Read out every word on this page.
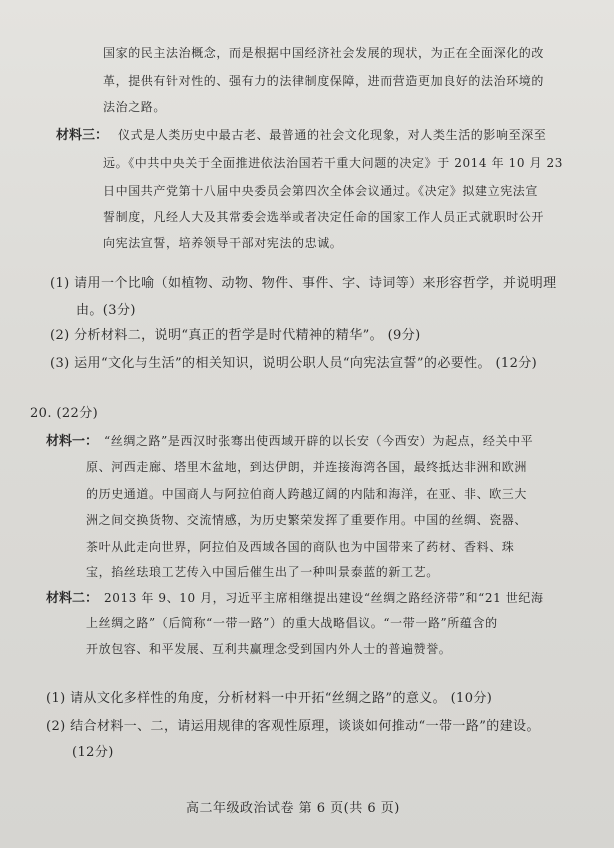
国家的民主法治概念，而是根据中国经济社会发展的现状，为正在全面深化的改
革，提供有针对性的、强有力的法律制度保障，进而营造更加良好的法治环境的
法治之路。
材料三： 仪式是人类历史中最古老、最普通的社会文化现象，对人类生活的影响至深至
远。《中共中央关于全面推进依法治国若干重大问题的决定》于 2014 年 10 月 23
日中国共产党第十八届中央委员会第四次全体会议通过。《决定》拟建立宪法宣
誓制度，凡经人大及其常委会选举或者决定任命的国家工作人员正式就职时公开
向宪法宣誓，培养领导干部对宪法的忠诚。
(1) 请用一个比喻（如植物、动物、物件、事件、字、诗词等）来形容哲学，并说明理
由。(3分)
(2) 分析材料二，说明“真正的哲学是时代精神的精华”。 (9分)
(3) 运用“文化与生活”的相关知识，说明公职人员“向宪法宣誓”的必要性。 (12分)
20. (22分)
材料一： “丝绸之路”是西汉时张骞出使西域开辟的以长安（今西安）为起点，经关中平
原、河西走廊、塔里木盆地，到达伊朗，并连接海湾各国，最终抵达非洲和欧洲
的历史通道。中国商人与阿拉伯商人跨越辽阔的内陆和海洋，在亚、非、欧三大
洲之间交换货物、交流情感，为历史繁荣发挥了重要作用。中国的丝绸、瓷器、
茶叶从此走向世界，阿拉伯及西域各国的商队也为中国带来了药材、香料、珠
宝，掐丝珐琅工艺传入中国后催生出了一种叫景泰蓝的新工艺。
材料二： 2013 年 9、10 月，习近平主席相继提出建设“丝绸之路经济带”和“21 世纪海
上丝绸之路”（后简称“一带一路”）的重大战略倡议。“一带一路”所蕴含的
开放包容、和平发展、互利共赢理念受到国内外人士的普遍赞誉。
(1) 请从文化多样性的角度，分析材料一中开拓“丝绸之路”的意义。 (10分)
(2) 结合材料一、二，请运用规律的客观性原理，谈谈如何推动“一带一路”的建设。
(12分)
高二年级政治试卷 第 6 页(共 6 页)
